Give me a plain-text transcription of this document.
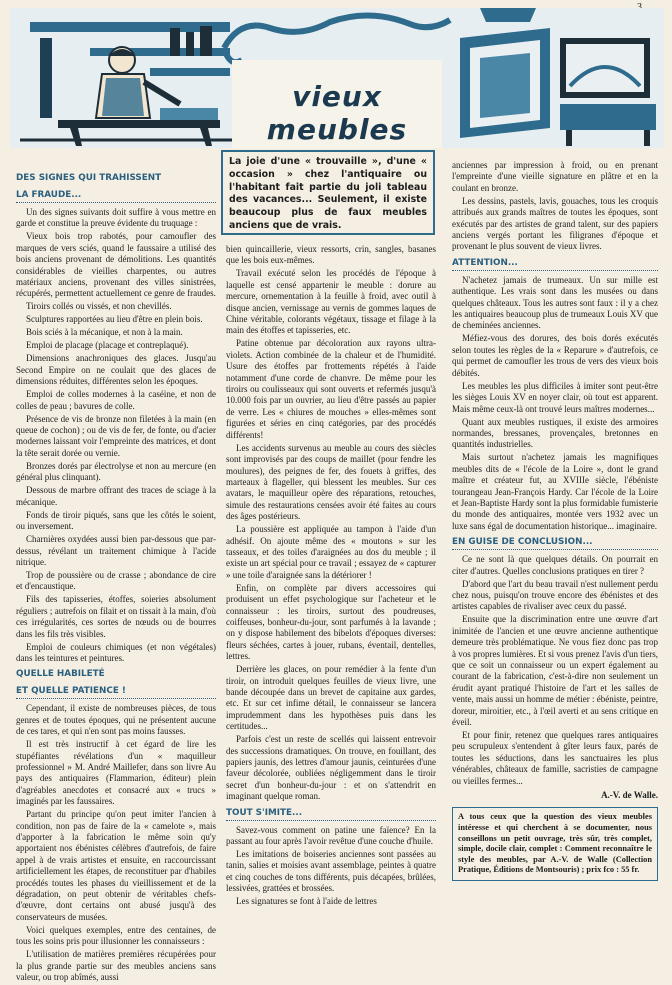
vieux meubles
La joie d'une « trouvaille », d'une « occasion » chez l'antiquaire ou l'habitant fait partie du joli tableau des vacances... Seulement, il existe beaucoup plus de faux meubles anciens que de vrais.
DES SIGNES QUI TRAHISSENT
LA FRAUDE...

Un des signes suivants doit suffire à vous mettre en garde et constitue la preuve évidente du truquage :

Vieux bois trop rabotés, pour camoufler des marques de vers sciés, quand le faussaire a utilisé des bois anciens provenant de démolitions. Les quantités considérables de vieilles charpentes, ou autres matériaux anciens, provenant des villes sinistrées, récupérés, permettent actuellement ce genre de fraudes.

Tiroirs collés ou vissés, et non chevillés.

Sculptures rapportées au lieu d'être en plein bois.

Bois sciés à la mécanique, et non à la main.

Emploi de placage (placage et contreplaqué).

Dimensions anachroniques des glaces. Jusqu'au Second Empire on ne coulait que des glaces de dimensions réduites, différentes selon les époques.

Emploi de colles modernes à la caséine, et non de colles de peau ; bavures de colle.

Présence de vis de bronze non filetées à la main (en queue de cochon) ; ou de vis de fer, de fonte, ou d'acier modernes laissant voir l'empreinte des matrices, et dont la tête serait dorée ou vernie.

Bronzes dorés par électrolyse et non au mercure (en général plus clinquant).

Dessous de marbre offrant des traces de sciage à la mécanique.

Fonds de tiroir piqués, sans que les côtés le soient, ou inversement.

Charnières oxydées aussi bien par-dessous que par-dessus, révélant un traitement chimique à l'acide nitrique.

Trop de poussière ou de crasse ; abondance de cire et d'encaustique.

Fils des tapisseries, étoffes, soieries absolument réguliers ; autrefois on filait et on tissait à la main, d'où ces irrégularités, ces sortes de nœuds ou de bourres dans les fils très visibles.

Emploi de couleurs chimiques (et non végétales) dans les teintures et peintures.

QUELLE HABILETÉ
ET QUELLE PATIENCE !

Cependant, il existe de nombreuses pièces, de tous genres et de toutes époques, qui ne présentent aucune de ces tares, et qui n'en sont pas moins fausses.

Il est très instructif à cet égard de lire les stupéfiantes révélations d'un « maquilleur professionnel » M. André Maillefer, dans son livre Au pays des antiquaires (Flammarion, éditeur) plein d'agréables anecdotes et consacré aux « trucs » imaginés par les faussaires.

Partant du principe qu'on peut imiter l'ancien à condition, non pas de faire de la « camelote », mais d'apporter à la fabrication le même soin qu'y apportaient nos ébénistes célèbres d'autrefois, de faire appel à de vrais artistes et ensuite, en raccourcissant artificiellement les étapes, de reconstituer par d'habiles procédés toutes les phases du vieillissement et de la dégradation, on peut obtenir de véritables chefs-d'œuvre, dont certains ont abusé jusqu'à des conservateurs de musées.

Voici quelques exemples, entre des centaines, de tous les soins pris pour illusionner les connaisseurs :

L'utilisation de matières premières récupérées pour la plus grande partie sur des meubles anciens sans valeur, ou trop abîmés, aussi

bien quincaillerie, vieux ressorts, crin, sangles, basanes que les bois eux-mêmes.

Travail exécuté selon les procédés de l'époque à laquelle est censé appartenir le meuble : dorure au mercure, ornementation à la feuille à froid, avec outil à disque ancien, vernissage au vernis de gommes laques de Chine véritable, colorants végétaux, tissage et filage à la main des étoffes et tapisseries, etc.

Patine obtenue par décoloration aux rayons ultra-violets. Action combinée de la chaleur et de l'humidité. Usure des étoffes par frottements répétés à l'aide notamment d'une corde de chanvre. De même pour les tiroirs ou coulisseaux qui sont ouverts et refermés jusqu'à 10.000 fois par un ouvrier, au lieu d'être passés au papier de verre. Les « chiures de mouches » elles-mêmes sont figurées et séries en cinq catégories, par des procédés différents!

Les accidents survenus au meuble au cours des siècles sont improvisés par des coups de maillet (pour fendre les moulures), des peignes de fer, des fouets à griffes, des marteaux à flageller, qui blessent les meubles. Sur ces avatars, le maquilleur opère des réparations, retouches, simule des restaurations censées avoir été faites au cours des âges postérieurs.

La poussière est appliquée au tampon à l'aide d'un adhésif. On ajoute même des « moutons » sur les tasseaux, et des toiles d'araignées au dos du meuble ; il existe un art spécial pour ce travail ; essayez de « capturer » une toile d'araignée sans la détériorer !

Enfin, on complète par divers accessoires qui produisent un effet psychologique sur l'acheteur et le connaisseur : les tiroirs, surtout des poudreuses, coiffeuses, bonheur-du-jour, sont parfumés à la lavande ; on y dispose habilement des bibelots d'époques diverses: fleurs séchées, cartes à jouer, rubans, éventail, dentelles, lettres.

Derrière les glaces, on pour remédier à la fente d'un tiroir, on introduit quelques feuilles de vieux livre, une bande découpée dans un brevet de capitaine aux gardes, etc. Et sur cet infime détail, le connaisseur se lancera imprudemment dans les hypothèses puis dans les certitudes...

Parfois c'est un reste de scellés qui laissent entrevoir des successions dramatiques. On trouve, en fouillant, des papiers jaunis, des lettres d'amour jaunis, ceinturées d'une faveur décolorée, oubliées négligemment dans le tiroir secret d'un bonheur-du-jour : et on s'attendrit en imaginant quelque roman.

TOUT S'IMITE...

Savez-vous comment on patine une faïence? En la passant au four après l'avoir revêtue d'une couche d'huile.

Les imitations de boiseries anciennes sont passées au tanin, salies et moisies avant assemblage, peintes à quatre et cinq couches de tons différents, puis décapées, brûlées, lessivées, grattées et brossées.

Les signatures se font à l'aide de lettres

anciennes par impression à froid, ou en prenant l'empreinte d'une vieille signature en plâtre et en la coulant en bronze.

Les dessins, pastels, lavis, gouaches, tous les croquis attribués aux grands maîtres de toutes les époques, sont exécutés par des artistes de grand talent, sur des papiers anciens vergés portant les filigranes d'époque et provenant le plus souvent de vieux livres.

ATTENTION...

N'achetez jamais de trumeaux. Un sur mille est authentique. Les vrais sont dans les musées ou dans quelques châteaux. Tous les autres sont faux : il y a chez les antiquaires beaucoup plus de trumeaux Louis XV que de cheminées anciennes.

Méfiez-vous des dorures, des bois dorés exécutés selon toutes les règles de la « Reparure » d'autrefois, ce qui permet de camoufler les trous de vers des vieux bois débités.

Les meubles les plus difficiles à imiter sont peut-être les sièges Louis XV en noyer clair, où tout est apparent. Mais même ceux-là ont trouvé leurs maîtres modernes...

Quant aux meubles rustiques, il existe des armoires normandes, bressanes, provençales, bretonnes en quantités industrielles.

Mais surtout n'achetez jamais les magnifiques meubles dits de « l'école de la Loire », dont le grand maître et créateur fut, au XVIIIe siècle, l'ébéniste tourangeau Jean-François Hardy. Car l'école de la Loire et Jean-Baptiste Hardy sont la plus formidable fumisterie du monde des antiquaires, montée vers 1932 avec un luxe sans égal de documentation historique... imaginaire.

EN GUISE DE CONCLUSION...

Ce ne sont là que quelques détails. On pourrait en citer d'autres. Quelles conclusions pratiques en tirer ?

D'abord que l'art du beau travail n'est nullement perdu chez nous, puisqu'on trouve encore des ébénistes et des artistes capables de rivaliser avec ceux du passé.

Ensuite que la discrimination entre une œuvre d'art inimitée de l'ancien et une œuvre ancienne authentique demeure très problématique. Ne vous fiez donc pas trop à vos propres lumières. Et si vous prenez l'avis d'un tiers, que ce soit un connaisseur ou un expert également au courant de la fabrication, c'est-à-dire non seulement un érudit ayant pratiqué l'histoire de l'art et les salles de vente, mais aussi un homme de métier : ébéniste, peintre, doreur, miroitier, etc., à l'œil averti et au sens critique en éveil.

Et pour finir, retenez que quelques rares antiquaires peu scrupuleux s'entendent à gîter leurs faux, parés de toutes les séductions, dans les sanctuaires les plus vénérables, châteaux de famille, sacristies de campagne ou vieilles fermes...

A.-V. de Walle.
A tous ceux que la question des vieux meubles intéresse et qui cherchent à se documenter, nous conseillons un petit ouvrage, très sûr, très complet, simple, docile clair, complet : Comment reconnaître le style des meubles, par A.-V. de Walle (Collection Pratique, Éditions de Montsouris) ; prix fco : 55 fr.
